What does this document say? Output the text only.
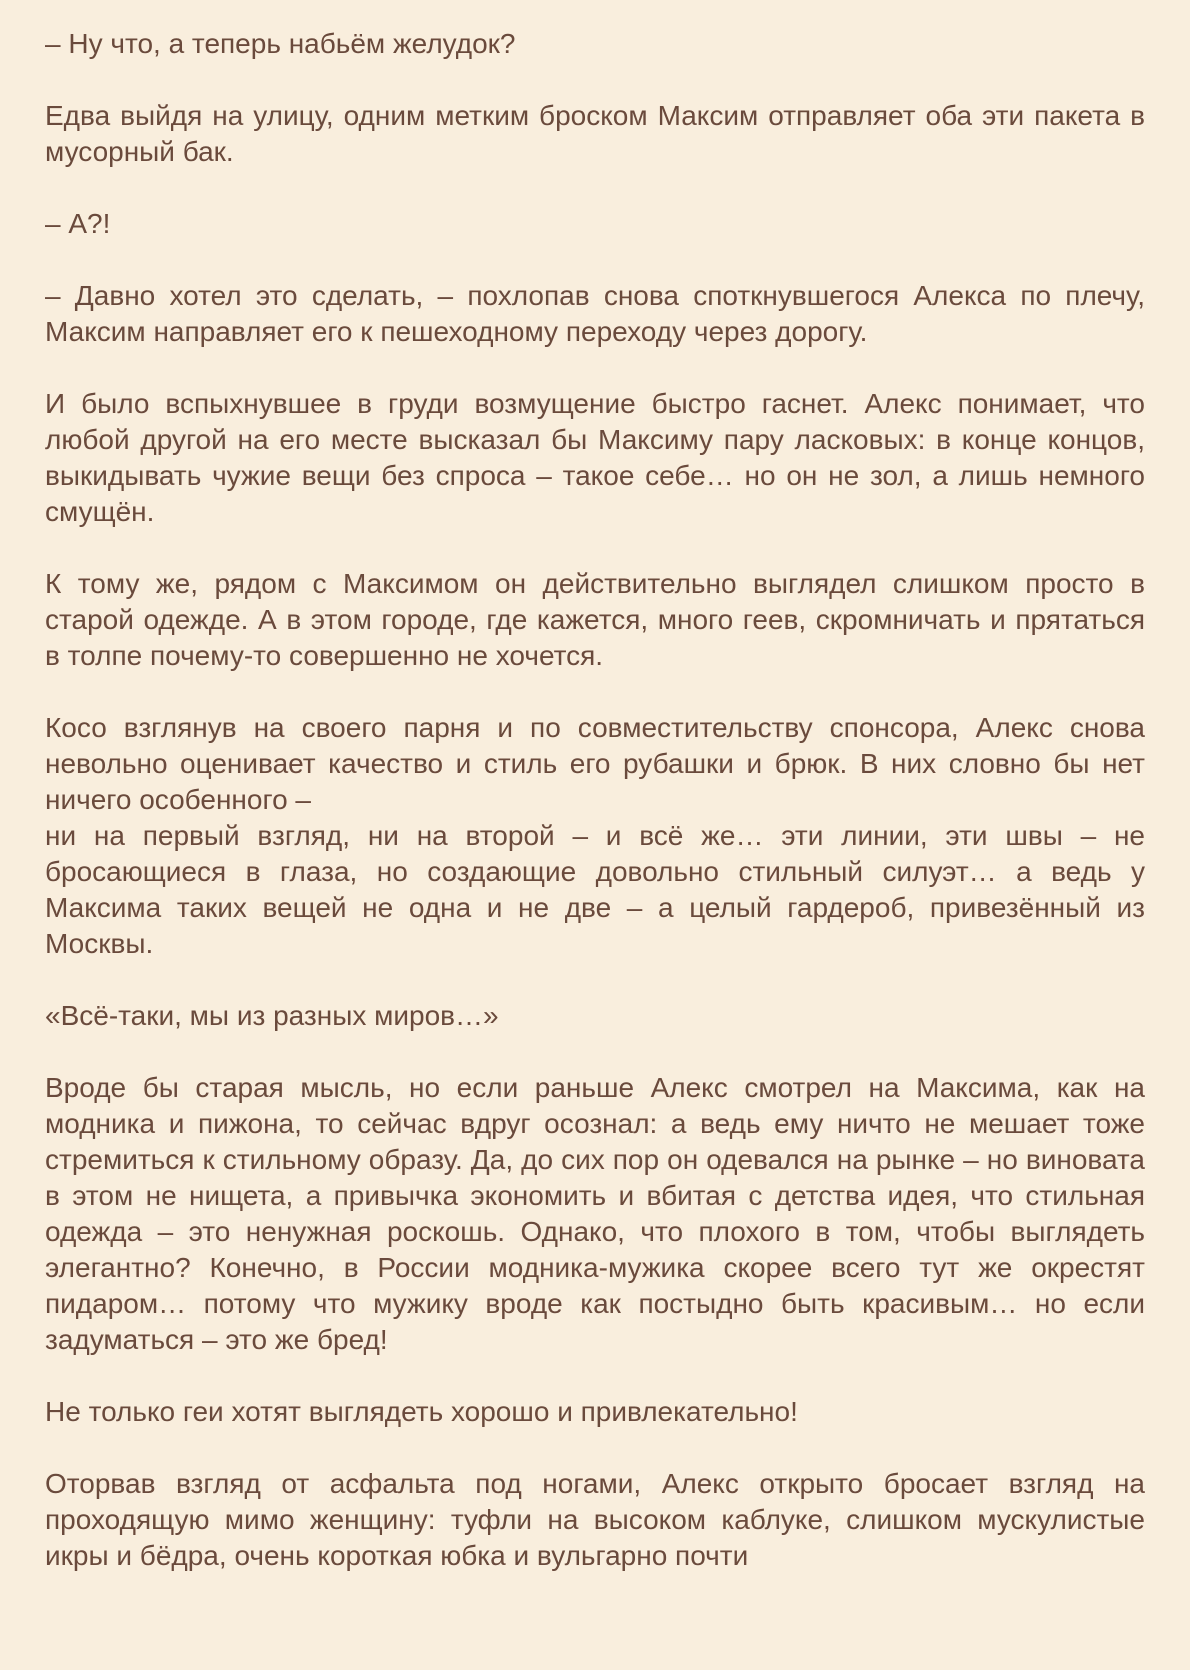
– Ну что, а теперь набьём желудок?

Едва выйдя на улицу, одним метким броском Максим отправляет оба эти пакета в мусорный бак.

– А?!

– Давно хотел это сделать, – похлопав снова споткнувшегося Алекса по плечу, Максим направляет его к пешеходному переходу через дорогу.

И было вспыхнувшее в груди возмущение быстро гаснет. Алекс понимает, что любой другой на его месте высказал бы Максиму пару ласковых: в конце концов, выкидывать чужие вещи без спроса – такое себе… но он не зол, а лишь немного смущён.

К тому же, рядом с Максимом он действительно выглядел слишком просто в старой одежде. А в этом городе, где кажется, много геев, скромничать и прятаться в толпе почему-то совершенно не хочется.

Косо взглянув на своего парня и по совместительству спонсора, Алекс снова невольно оценивает качество и стиль его рубашки и брюк. В них словно бы нет ничего особенного –
ни на первый взгляд, ни на второй – и всё же… эти линии, эти швы – не бросающиеся в глаза, но создающие довольно стильный силуэт… а ведь у Максима таких вещей не одна и не две – а целый гардероб, привезённый из Москвы.

«Всё-таки, мы из разных миров…»

Вроде бы старая мысль, но если раньше Алекс смотрел на Максима, как на модника и пижона, то сейчас вдруг осознал: а ведь ему ничто не мешает тоже стремиться к стильному образу. Да, до сих пор он одевался на рынке – но виновата в этом не нищета, а привычка экономить и вбитая с детства идея, что стильная одежда – это ненужная роскошь. Однако, что плохого в том, чтобы выглядеть элегантно? Конечно, в России модника-мужика скорее всего тут же окрестят пидаром… потому что мужику вроде как постыдно быть красивым… но если задуматься – это же бред!

Не только геи хотят выглядеть хорошо и привлекательно!

Оторвав взгляд от асфальта под ногами, Алекс открыто бросает взгляд на проходящую мимо женщину: туфли на высоком каблуке, слишком мускулистые икры и бёдра, очень короткая юбка и вульгарно почти
